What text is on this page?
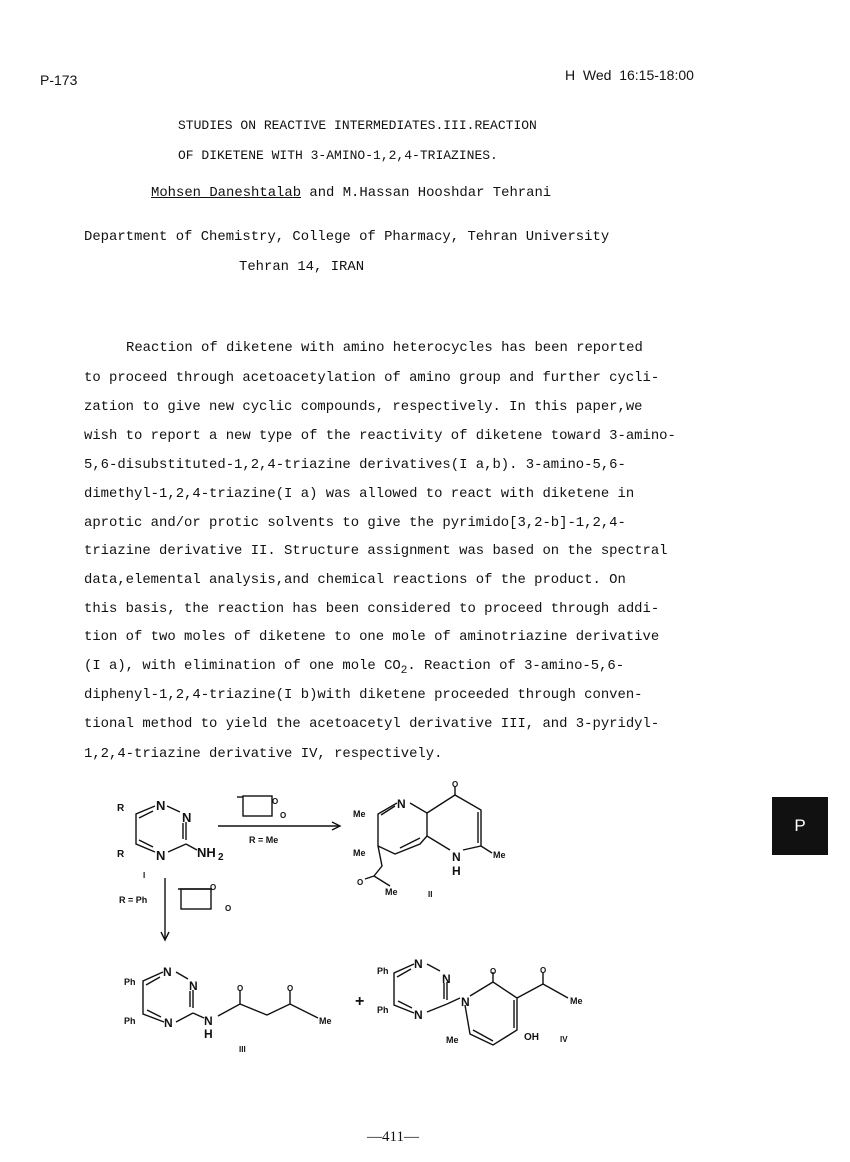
P-173	H  Wed  16:15-18:00
STUDIES ON REACTIVE INTERMEDIATES.III.REACTION
OF DIKETENE WITH 3-AMINO-1,2,4-TRIAZINES.
Mohsen Daneshtalab and M.Hassan Hooshdar Tehrani
Department of Chemistry, College of Pharmacy, Tehran University
Tehran 14, IRAN
Reaction of diketene with amino heterocycles has been reported
to proceed through acetoacetylation of amino group and further cycli-
zation to give new cyclic compounds, respectively. In this paper,we
wish to report a new type of the reactivity of diketene toward 3-amino-
5,6-disubstituted-1,2,4-triazine derivatives(I a,b). 3-amino-5,6-
dimethyl-1,2,4-triazine(I a) was allowed to react with diketene in
aprotic and/or protic solvents to give the pyrimido[3,2-b]-1,2,4-
triazine derivative II. Structure assignment was based on the spectral
data,elemental analysis,and chemical reactions of the product. On
this basis, the reaction has been considered to proceed through addi-
tion of two moles of diketene to one mole of aminotriazine derivative
(I a), with elimination of one mole $CO_2$. Reaction of 3-amino-5,6-
diphenyl-1,2,4-triazine(I b)with diketene proceeded through conven-
tional method to yield the acetoacetyl derivative III, and 3-pyridyl-
1,2,4-triazine derivative IV, respectively.
N
N
N NH 2
R
R
I
O
O
R = Me
O
O
R = Ph
N
N
H
O
Me
Me	Me
Me
O
II
N
N
N	N
H
Ph
Ph
O	O
Me
III
+
N
N
N
N
Ph
Ph
O	O
Me
Me	OH	IV
P
—411—
